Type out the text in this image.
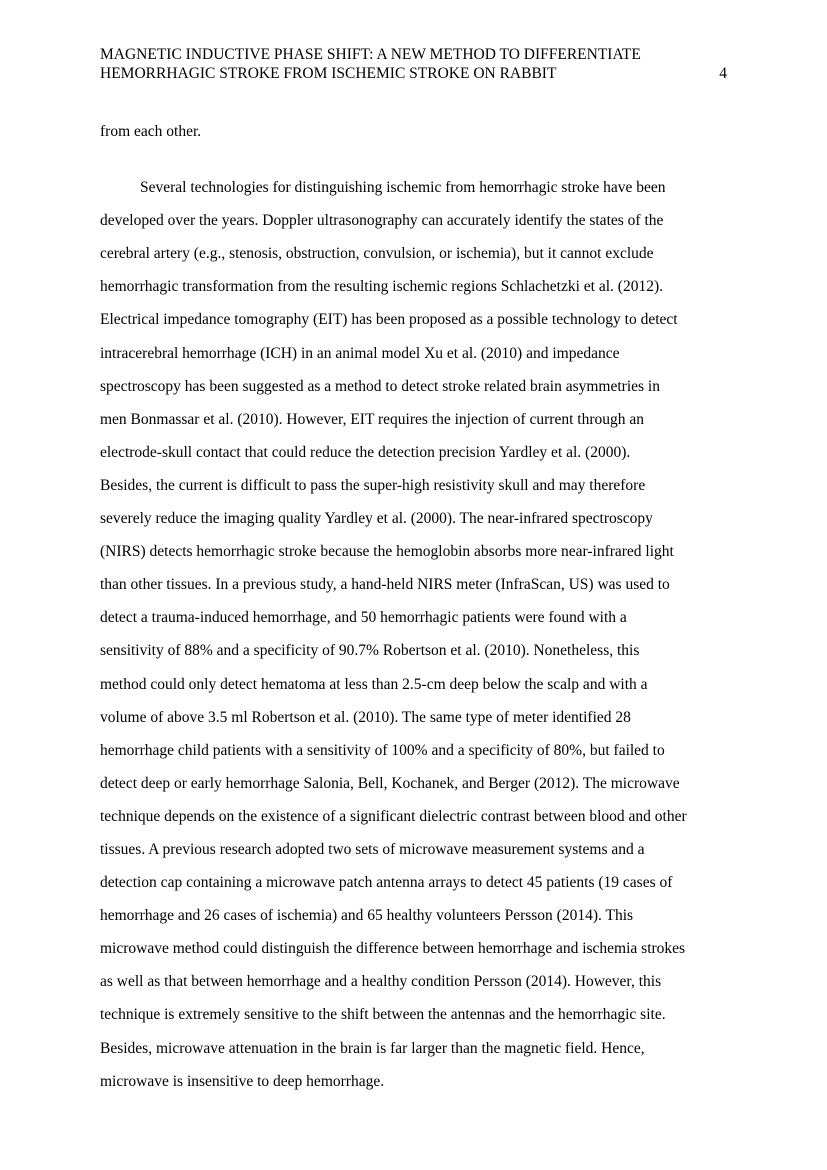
MAGNETIC INDUCTIVE PHASE SHIFT: A NEW METHOD TO DIFFERENTIATE
HEMORRHAGIC STROKE FROM ISCHEMIC STROKE ON RABBIT	4
from each other.
Several technologies for distinguishing ischemic from hemorrhagic stroke have been
developed over the years. Doppler ultrasonography can accurately identify the states of the
cerebral artery (e.g., stenosis, obstruction, convulsion, or ischemia), but it cannot exclude
hemorrhagic transformation from the resulting ischemic regions Schlachetzki et al. (2012).
Electrical impedance tomography (EIT) has been proposed as a possible technology to detect
intracerebral hemorrhage (ICH) in an animal model Xu et al. (2010) and impedance
spectroscopy has been suggested as a method to detect stroke related brain asymmetries in
men Bonmassar et al. (2010). However, EIT requires the injection of current through an
electrode-skull contact that could reduce the detection precision Yardley et al. (2000).
Besides, the current is difficult to pass the super-high resistivity skull and may therefore
severely reduce the imaging quality Yardley et al. (2000). The near-infrared spectroscopy
(NIRS) detects hemorrhagic stroke because the hemoglobin absorbs more near-infrared light
than other tissues. In a previous study, a hand-held NIRS meter (InfraScan, US) was used to
detect a trauma-induced hemorrhage, and 50 hemorrhagic patients were found with a
sensitivity of 88% and a specificity of 90.7% Robertson et al. (2010). Nonetheless, this
method could only detect hematoma at less than 2.5-cm deep below the scalp and with a
volume of above 3.5 ml Robertson et al. (2010). The same type of meter identified 28
hemorrhage child patients with a sensitivity of 100% and a specificity of 80%, but failed to
detect deep or early hemorrhage Salonia, Bell, Kochanek, and Berger (2012). The microwave
technique depends on the existence of a significant dielectric contrast between blood and other
tissues. A previous research adopted two sets of microwave measurement systems and a
detection cap containing a microwave patch antenna arrays to detect 45 patients (19 cases of
hemorrhage and 26 cases of ischemia) and 65 healthy volunteers Persson (2014). This
microwave method could distinguish the difference between hemorrhage and ischemia strokes
as well as that between hemorrhage and a healthy condition Persson (2014). However, this
technique is extremely sensitive to the shift between the antennas and the hemorrhagic site.
Besides, microwave attenuation in the brain is far larger than the magnetic field. Hence,
microwave is insensitive to deep hemorrhage.
